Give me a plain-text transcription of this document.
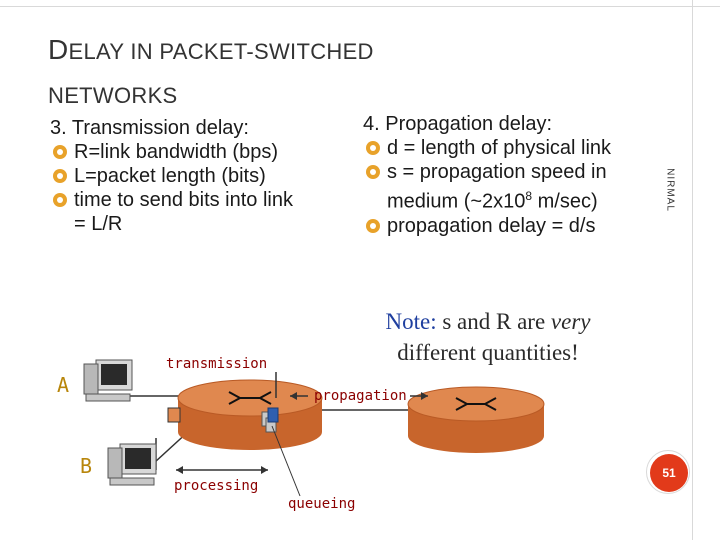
DELAY IN PACKET-SWITCHED
NETWORKS

3. Transmission delay:

R=link bandwidth (bps)
L=packet length (bits)
time to send bits into link
= L/R

4. Propagation delay:

d = length of physical link
s = propagation speed in
medium ($\sim 2x10^8$ m/sec)
propagation delay = d/s
NIRMAL
Note: s and R are very
different quantities!
A
B
transmission
propagation
processing
queueing
51
